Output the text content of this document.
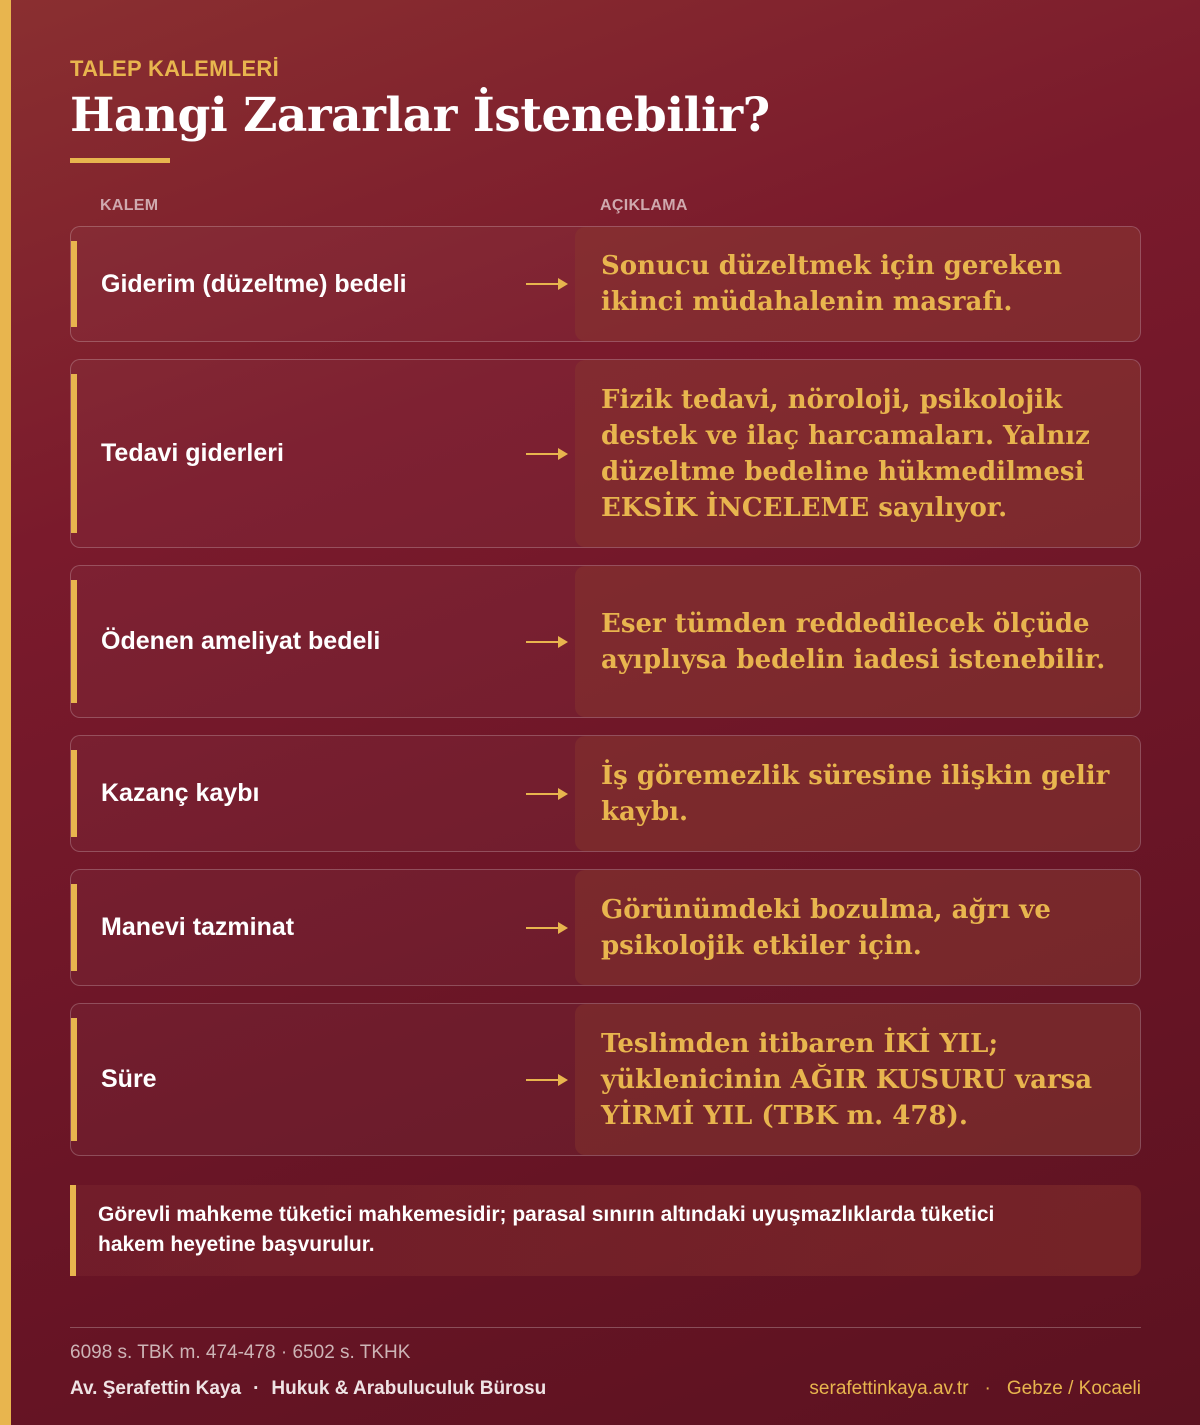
TALEP KALEMLERİ
Hangi Zararlar İstenebilir?
KALEM	AÇIKLAMA
Giderim (düzeltme) bedeli
Sonucu düzeltmek için gereken ikinci müdahalenin masrafı.
Tedavi giderleri
Fizik tedavi, nöroloji, psikolojik destek ve ilaç harcamaları. Yalnız düzeltme bedeline hükmedilmesi EKSİK İNCELEME sayılıyor.
Ödenen ameliyat bedeli
Eser tümden reddedilecek ölçüde ayıplıysa bedelin iadesi istenebilir.
Kazanç kaybı
İş göremezlik süresine ilişkin gelir kaybı.
Manevi tazminat
Görünümdeki bozulma, ağrı ve psikolojik etkiler için.
Süre
Teslimden itibaren İKİ YIL; yüklenicinin AĞIR KUSURU varsa YİRMİ YIL (TBK m. 478).
Görevli mahkeme tüketici mahkemesidir; parasal sınırın altındaki uyuşmazlıklarda tüketici hakem heyetine başvurulur.
6098 s. TBK m. 474-478 · 6502 s. TKHK
Av. Şerafettin Kaya · Hukuk & Arabuluculuk Bürosu	serafettinkaya.av.tr · Gebze / Kocaeli
